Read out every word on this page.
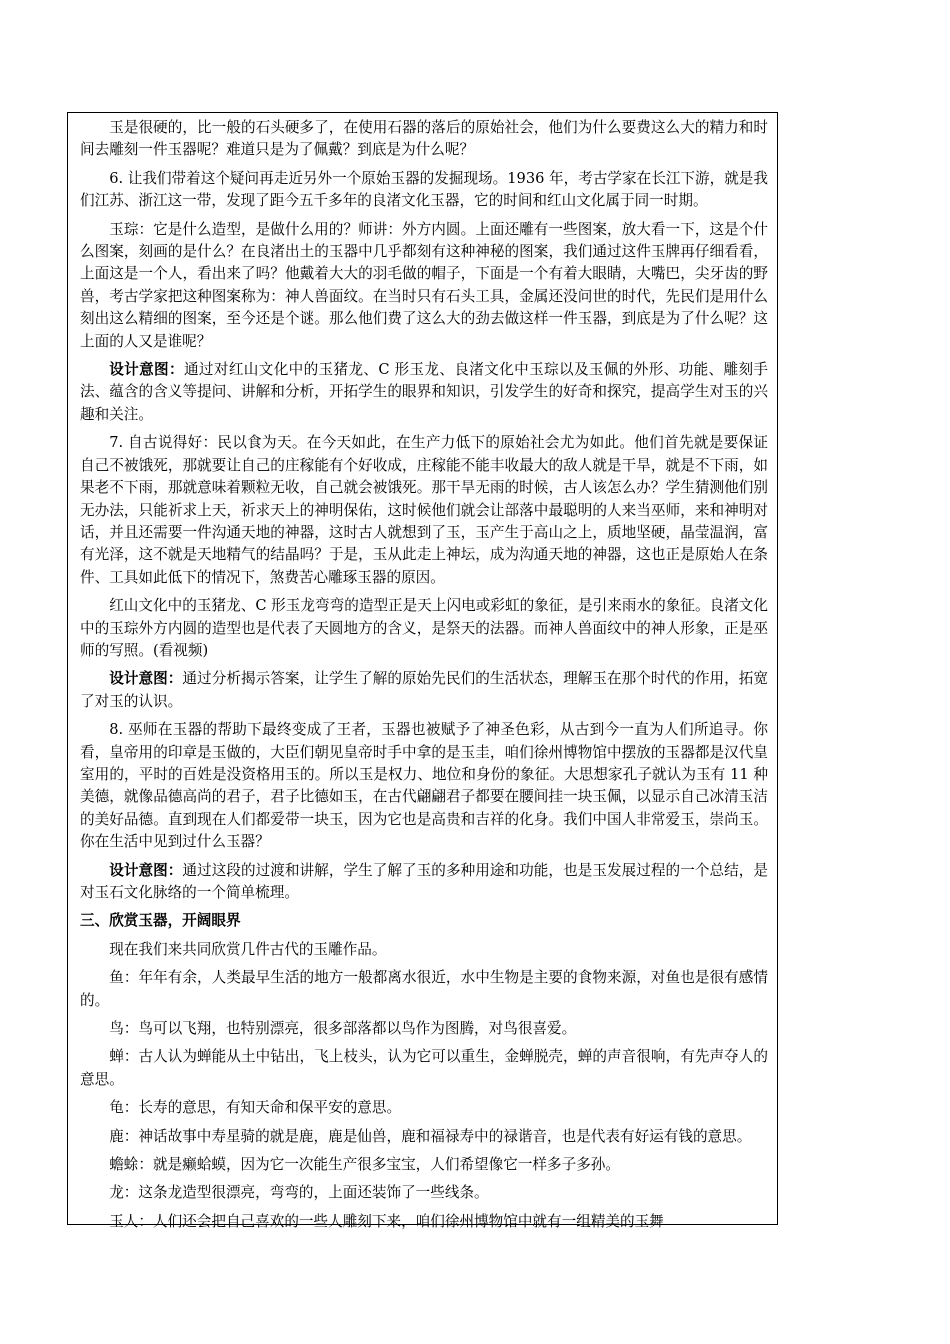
玉是很硬的，比一般的石头硬多了，在使用石器的落后的原始社会，他们为什么要费这么大的精力和时间去雕刻一件玉器呢？难道只是为了佩戴？到底是为什么呢？

6. 让我们带着这个疑问再走近另外一个原始玉器的发掘现场。1936 年，考古学家在长江下游，就是我们江苏、浙江这一带，发现了距今五千多年的良渚文化玉器，它的时间和红山文化属于同一时期。

玉琮：它是什么造型，是做什么用的？师讲：外方内圆。上面还雕有一些图案，放大看一下，这是个什么图案，刻画的是什么？在良渚出土的玉器中几乎都刻有这种神秘的图案，我们通过这件玉牌再仔细看看，上面这是一个人，看出来了吗？他戴着大大的羽毛做的帽子，下面是一个有着大眼睛，大嘴巴，尖牙齿的野兽，考古学家把这种图案称为：神人兽面纹。在当时只有石头工具，金属还没问世的时代，先民们是用什么刻出这么精细的图案，至今还是个谜。那么他们费了这么大的劲去做这样一件玉器，到底是为了什么呢？这上面的人又是谁呢？

设计意图：通过对红山文化中的玉猪龙、C 形玉龙、良渚文化中玉琮以及玉佩的外形、功能、雕刻手法、蕴含的含义等提问、讲解和分析，开拓学生的眼界和知识，引发学生的好奇和探究，提高学生对玉的兴趣和关注。

7. 自古说得好：民以食为天。在今天如此，在生产力低下的原始社会尤为如此。他们首先就是要保证自己不被饿死，那就要让自己的庄稼能有个好收成，庄稼能不能丰收最大的敌人就是干旱，就是不下雨，如果老不下雨，那就意味着颗粒无收，自己就会被饿死。那干旱无雨的时候，古人该怎么办？学生猜测他们别无办法，只能祈求上天，祈求天上的神明保佑，这时候他们就会让部落中最聪明的人来当巫师，来和神明对话，并且还需要一件沟通天地的神器，这时古人就想到了玉，玉产生于高山之上，质地坚硬，晶莹温润，富有光泽，这不就是天地精气的结晶吗？于是，玉从此走上神坛，成为沟通天地的神器，这也正是原始人在条件、工具如此低下的情况下，煞费苦心雕琢玉器的原因。

红山文化中的玉猪龙、C 形玉龙弯弯的造型正是天上闪电或彩虹的象征，是引来雨水的象征。良渚文化中的玉琮外方内圆的造型也是代表了天圆地方的含义，是祭天的法器。而神人兽面纹中的神人形象，正是巫师的写照。(看视频)

设计意图：通过分析揭示答案，让学生了解的原始先民们的生活状态，理解玉在那个时代的作用，拓宽了对玉的认识。

8. 巫师在玉器的帮助下最终变成了王者，玉器也被赋予了神圣色彩，从古到今一直为人们所追寻。你看，皇帝用的印章是玉做的，大臣们朝见皇帝时手中拿的是玉圭，咱们徐州博物馆中摆放的玉器都是汉代皇室用的，平时的百姓是没资格用玉的。所以玉是权力、地位和身份的象征。大思想家孔子就认为玉有 11 种美德，就像品德高尚的君子，君子比德如玉，在古代翩翩君子都要在腰间挂一块玉佩，以显示自己冰清玉洁的美好品德。直到现在人们都爱带一块玉，因为它也是高贵和吉祥的化身。我们中国人非常爱玉，崇尚玉。你在生活中见到过什么玉器？

设计意图：通过这段的过渡和讲解，学生了解了玉的多种用途和功能，也是玉发展过程的一个总结，是对玉石文化脉络的一个简单梳理。

三、欣赏玉器，开阔眼界

现在我们来共同欣赏几件古代的玉雕作品。

鱼：年年有余，人类最早生活的地方一般都离水很近，水中生物是主要的食物来源，对鱼也是很有感情的。

鸟：鸟可以飞翔，也特别漂亮，很多部落都以鸟作为图腾，对鸟很喜爱。

蝉：古人认为蝉能从土中钻出，飞上枝头，认为它可以重生，金蝉脱壳，蝉的声音很响，有先声夺人的意思。

龟：长寿的意思，有知天命和保平安的意思。

鹿：神话故事中寿星骑的就是鹿，鹿是仙兽，鹿和福禄寿中的禄谐音，也是代表有好运有钱的意思。

蟾蜍：就是癞蛤蟆，因为它一次能生产很多宝宝，人们希望像它一样多子多孙。

龙：这条龙造型很漂亮，弯弯的，上面还装饰了一些线条。

玉人：人们还会把自己喜欢的一些人雕刻下来，咱们徐州博物馆中就有一组精美的玉舞
